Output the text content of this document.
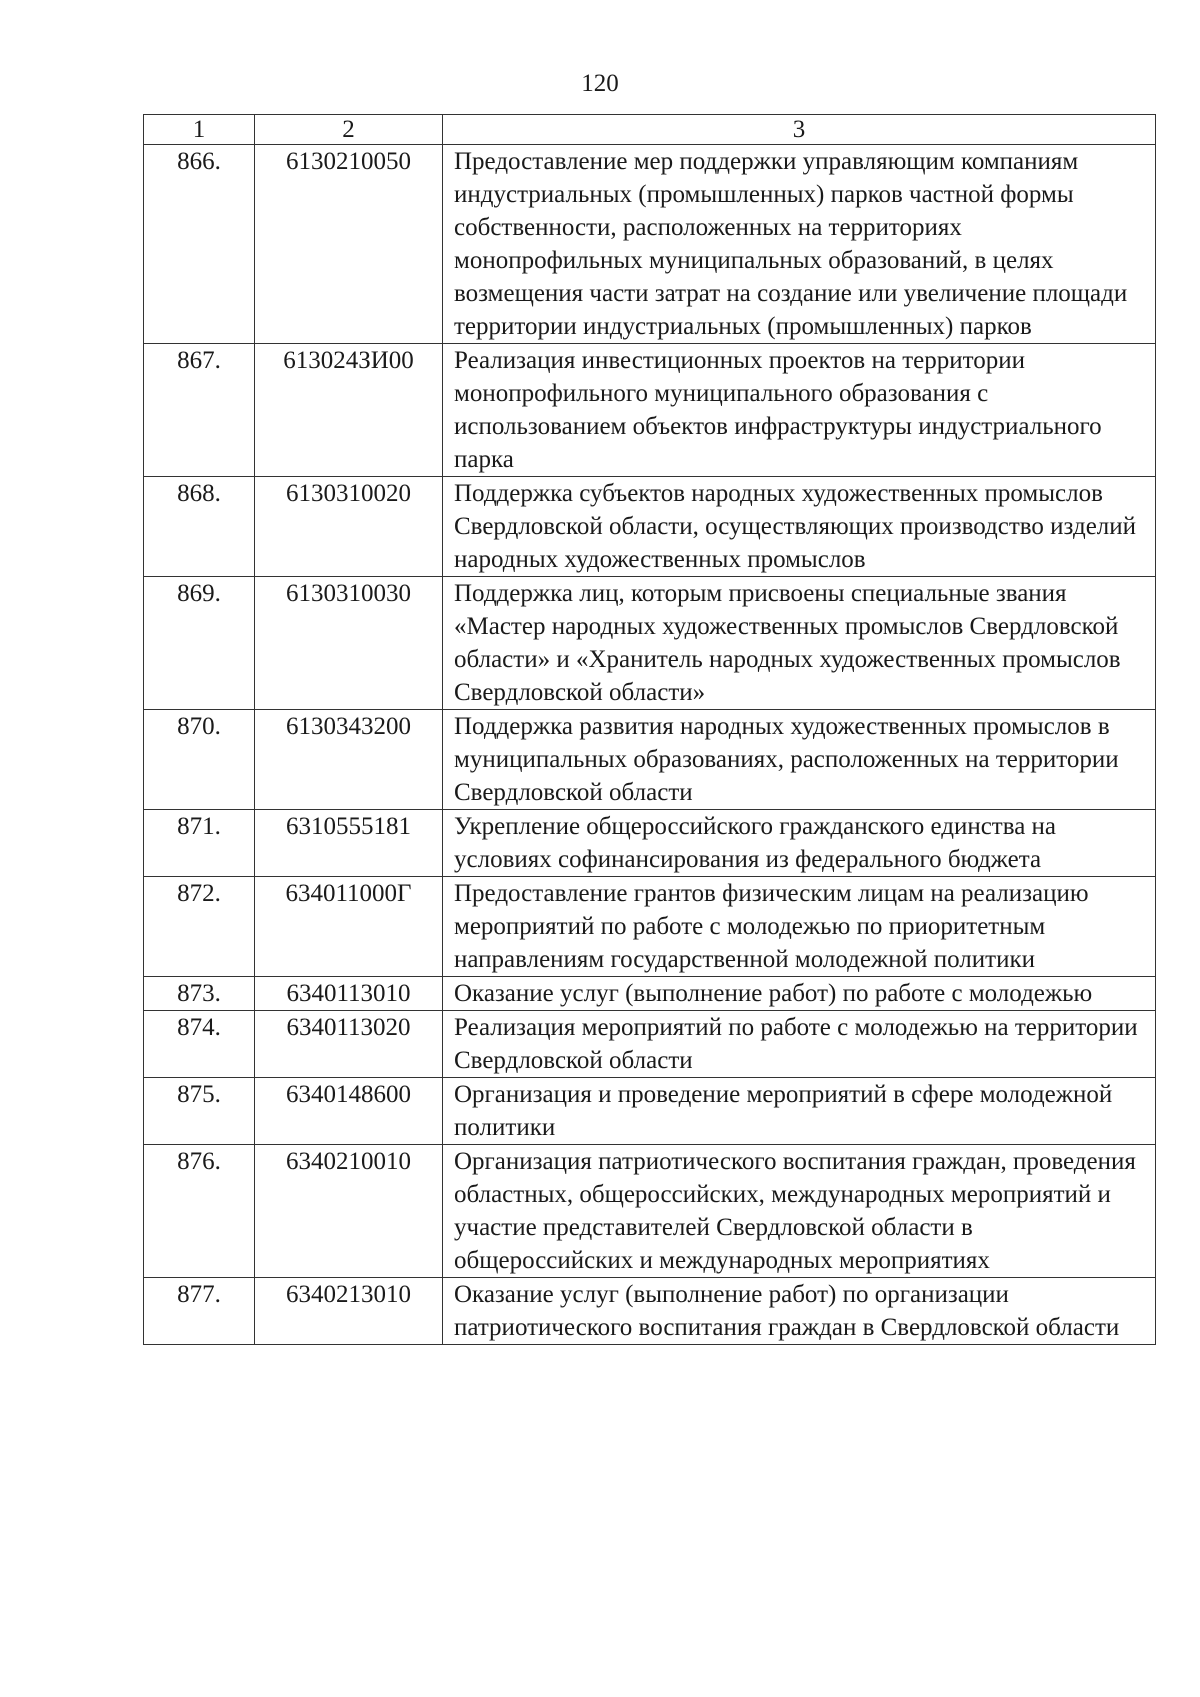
120
1	2	3
866.	6130210050	Предоставление мер поддержки управляющим компаниям индустриальных (промышленных) парков частной формы собственности, расположенных на территориях монопрофильных муниципальных образований, в целях возмещения части затрат на создание или увеличение площади территории индустриальных (промышленных) парков
867.	613024ЗИ00	Реализация инвестиционных проектов на территории монопрофильного муниципального образования с использованием объектов инфраструктуры индустриального парка
868.	6130310020	Поддержка субъектов народных художественных промыслов Свердловской области, осуществляющих производство изделий народных художественных промыслов
869.	6130310030	Поддержка лиц, которым присвоены специальные звания «Мастер народных художественных промыслов Свердловской области» и «Хранитель народных художественных промыслов Свердловской области»
870.	6130343200	Поддержка развития народных художественных промыслов в муниципальных образованиях, расположенных на территории Свердловской области
871.	6310555181	Укрепление общероссийского гражданского единства на условиях софинансирования из федерального бюджета
872.	634011000Г	Предоставление грантов физическим лицам на реализацию мероприятий по работе с молодежью по приоритетным направлениям государственной молодежной политики
873.	6340113010	Оказание услуг (выполнение работ) по работе с молодежью
874.	6340113020	Реализация мероприятий по работе с молодежью на территории Свердловской области
875.	6340148600	Организация и проведение мероприятий в сфере молодежной политики
876.	6340210010	Организация патриотического воспитания граждан, проведения областных, общероссийских, международных мероприятий и участие представителей Свердловской области в общероссийских и международных мероприятиях
877.	6340213010	Оказание услуг (выполнение работ) по организации патриотического воспитания граждан в Свердловской области
